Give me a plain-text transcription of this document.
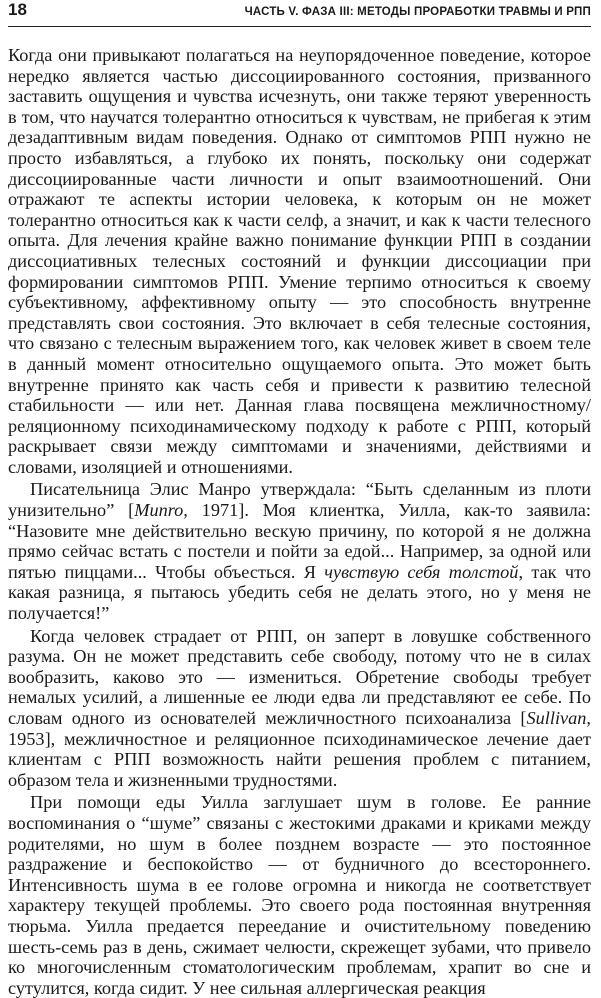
18	ЧАСТЬ V. ФАЗА III: МЕТОДЫ ПРОРАБОТКИ ТРАВМЫ И РПП

Когда они привыкают полагаться на неупорядоченное поведение, которое нередко является частью диссоциированного состояния, призванного заставить ощущения и чувства исчезнуть, они также теряют уверенность в том, что научатся толерантно относиться к чувствам, не прибегая к этим дезадаптивным видам поведения. Однако от симптомов РПП нужно не просто избавляться, а глубоко их понять, поскольку они содержат диссоциированные части личности и опыт взаимоотношений. Они отражают те аспекты истории человека, к которым он не может толерантно относиться как к части селф, а значит, и как к части телесного опыта. Для лечения крайне важно понимание функции РПП в создании диссоциативных телесных состояний и функции диссоциации при формировании симптомов РПП. Умение терпимо относиться к своему субъективному, аффективному опыту — это способность внутренне представлять свои состояния. Это включает в себя телесные состояния, что связано с телесным выражением того, как человек живет в своем теле в данный момент относительно ощущаемого опыта. Это может быть внутренне принято как часть себя и привести к развитию телесной стабильности — или нет. Данная глава посвящена межличностному/реляционному психодинамическому подходу к работе с РПП, который раскрывает связи между симптомами и значениями, действиями и словами, изоляцией и отношениями.

Писательница Элис Манро утверждала: “Быть сделанным из плоти унизительно” [Munro, 1971]. Моя клиентка, Уилла, как-то заявила: “Назовите мне действительно вескую причину, по которой я не должна прямо сейчас встать с постели и пойти за едой... Например, за одной или пятью пиццами... Чтобы объесться. Я чувствую себя толстой, так что какая разница, я пытаюсь убедить себя не делать этого, но у меня не получается!”

Когда человек страдает от РПП, он заперт в ловушке собственного разума. Он не может представить себе свободу, потому что не в силах вообразить, каково это — измениться. Обретение свободы требует немалых усилий, а лишенные ее люди едва ли представляют ее себе. По словам одного из основателей межличностного психоанализа [Sullivan, 1953], межличностное и реляционное психодинамическое лечение дает клиентам с РПП возможность найти решения проблем с питанием, образом тела и жизненными трудностями.

При помощи еды Уилла заглушает шум в голове. Ее ранние воспоминания о “шуме” связаны с жестокими драками и криками между родителями, но шум в более позднем возрасте — это постоянное раздражение и беспокойство — от будничного до всестороннего. Интенсивность шума в ее голове огромна и никогда не соответствует характеру текущей проблемы. Это своего рода постоянная внутренняя тюрьма. Уилла предается переедание и очистительному поведению шесть-семь раз в день, сжимает челюсти, скрежещет зубами, что привело ко многочисленным стоматологическим проблемам, храпит во сне и сутулится, когда сидит. У нее сильная аллергическая реакция
